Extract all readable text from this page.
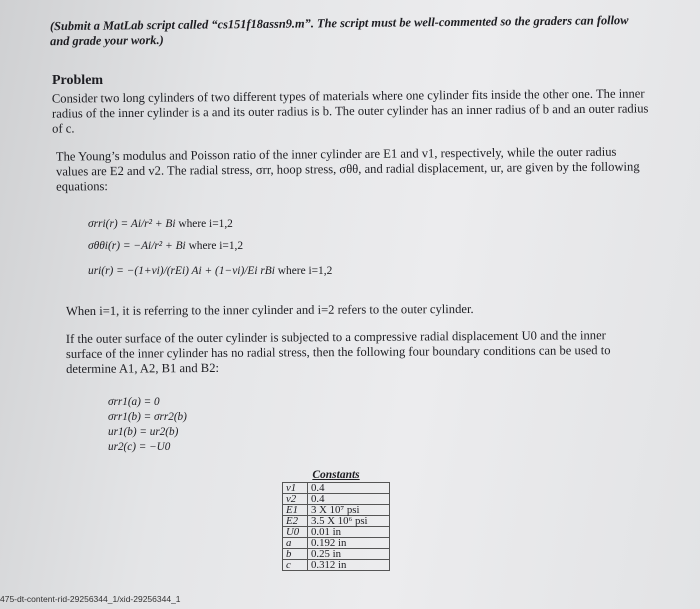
(Submit a MatLab script called “cs151f18assn9.m”. The script must be well-commented so the graders can follow and grade your work.)
Problem
Consider two long cylinders of two different types of materials where one cylinder fits inside the other one. The inner radius of the inner cylinder is a and its outer radius is b. The outer cylinder has an inner radius of b and an outer radius of c.
The Young’s modulus and Poisson ratio of the inner cylinder are E1 and v1, respectively, while the outer radius values are E2 and v2. The radial stress, σrr, hoop stress, σθθ, and radial displacement, ur, are given by the following equations:
σrri(r) = Ai/r² + Bi where i=1,2
σθθi(r) = −Ai/r² + Bi where i=1,2
uri(r) = −(1+vi)/(rEi) Ai + (1−vi)/Ei rBi where i=1,2
When i=1, it is referring to the inner cylinder and i=2 refers to the outer cylinder.
If the outer surface of the outer cylinder is subjected to a compressive radial displacement U0 and the inner surface of the inner cylinder has no radial stress, then the following four boundary conditions can be used to determine A1, A2, B1 and B2:
σrr1(a) = 0
σrr1(b) = σrr2(b)
ur1(b) = ur2(b)
ur2(c) = −U0
Constants
v1	0.4
v2	0.4
E1	3 X 10⁷ psi
E2	3.5 X 10⁶ psi
U0	0.01 in
a	0.192 in
b	0.25 in
c	0.312 in
475-dt-content-rid-29256344_1/xid-29256344_1
